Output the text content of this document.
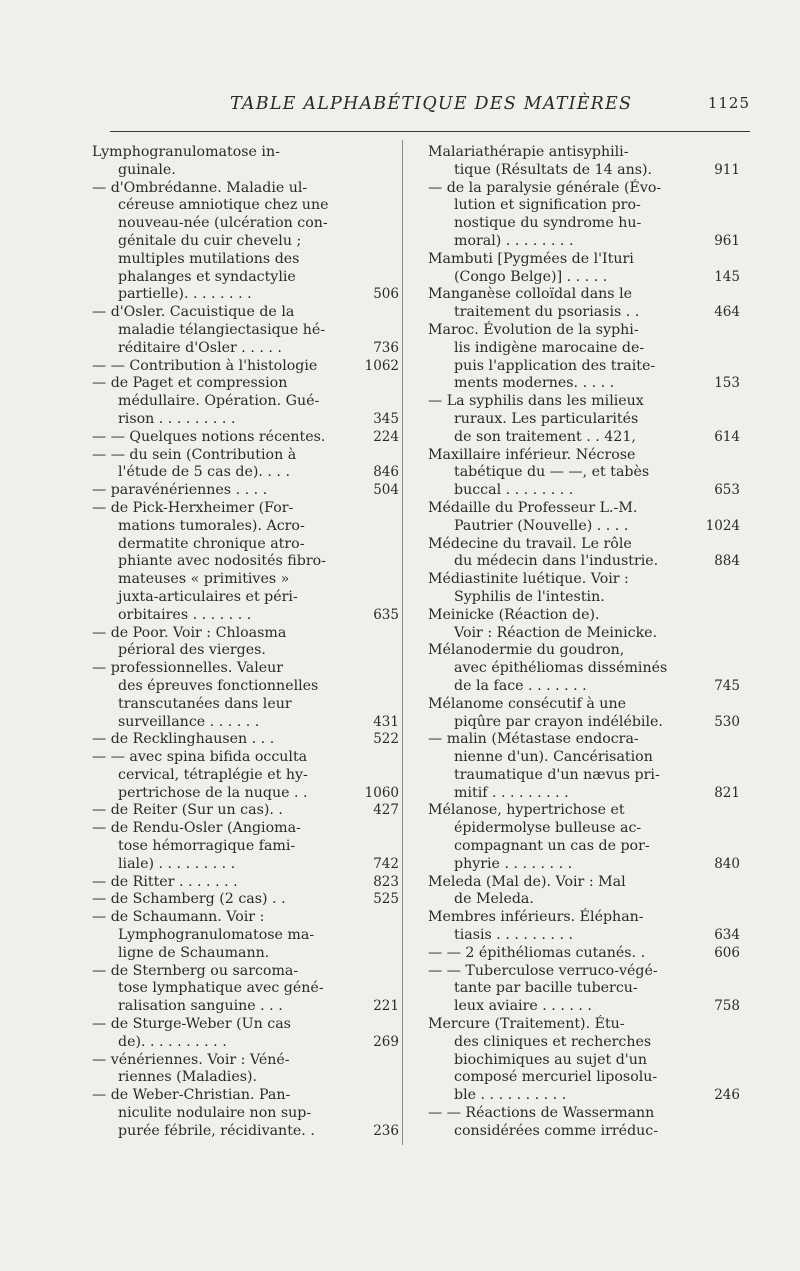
TABLE ALPHABÉTIQUE DES MATIÈRES	1125
Lymphogranulomatose in-
guinale.
— d'Ombrédanne. Maladie ul-
céreuse amniotique chez une
nouveau-née (ulcération con-
génitale du cuir chevelu ;
multiples mutilations des
phalanges et syndactylie
partielle). . . . . . . .	506
— d'Osler. Cacuistique de la
maladie télangiectasique hé-
réditaire d'Osler . . . . .	736
— — Contribution à l'histologie	1062
— de Paget et compression
médullaire. Opération. Gué-
rison . . . . . . . . .	345
— — Quelques notions récentes.	224
— — du sein (Contribution à
l'étude de 5 cas de). . . .	846
— paravénériennes . . . .	504
— de Pick-Herxheimer (For-
mations tumorales). Acro-
dermatite chronique atro-
phiante avec nodosités fibro-
mateuses « primitives »
juxta-articulaires et péri-
orbitaires . . . . . . .	635
— de Poor. Voir : Chloasma
périoral des vierges.
— professionnelles. Valeur
des épreuves fonctionnelles
transcutanées dans leur
surveillance . . . . . .	431
— de Recklinghausen . . .	522
— — avec spina bifida occulta
cervical, tétraplégie et hy-
pertrichose de la nuque . .	1060
— de Reiter (Sur un cas). .	427
— de Rendu-Osler (Angioma-
tose hémorragique fami-
liale) . . . . . . . . .	742
— de Ritter . . . . . . .	823
— de Schamberg (2 cas) . .	525
— de Schaumann. Voir :
Lymphogranulomatose ma-
ligne de Schaumann.
— de Sternberg ou sarcoma-
tose lymphatique avec géné-
ralisation sanguine . . .	221
— de Sturge-Weber (Un cas
de). . . . . . . . . .	269
— vénériennes. Voir : Véné-
riennes (Maladies).
— de Weber-Christian. Pan-
niculite nodulaire non sup-
purée fébrile, récidivante. .	236
Malariathérapie antisyphili-
tique (Résultats de 14 ans).	911
— de la paralysie générale (Évo-
lution et signification pro-
nostique du syndrome hu-
moral) . . . . . . . .	961
Mambuti [Pygmées de l'Ituri
(Congo Belge)] . . . . .	145
Manganèse colloïdal dans le
traitement du psoriasis . .	464
Maroc. Évolution de la syphi-
lis indigène marocaine de-
puis l'application des traite-
ments modernes. . . . .	153
— La syphilis dans les milieux
ruraux. Les particularités
de son traitement . . 421,	614
Maxillaire inférieur. Nécrose
tabétique du — —, et tabès
buccal . . . . . . . .	653
Médaille du Professeur L.-M.
Pautrier (Nouvelle) . . . .	1024
Médecine du travail. Le rôle
du médecin dans l'industrie.	884
Médiastinite luétique. Voir :
Syphilis de l'intestin.
Meinicke (Réaction de).
Voir : Réaction de Meinicke.
Mélanodermie du goudron,
avec épithéliomas disséminés
de la face . . . . . . .	745
Mélanome consécutif à une
piqûre par crayon indélébile.	530
— malin (Métastase endocra-
nienne d'un). Cancérisation
traumatique d'un nævus pri-
mitif . . . . . . . . .	821
Mélanose, hypertrichose et
épidermolyse bulleuse ac-
compagnant un cas de por-
phyrie . . . . . . . .	840
Meleda (Mal de). Voir : Mal
de Meleda.
Membres inférieurs. Éléphan-
tiasis . . . . . . . . .	634
— — 2 épithéliomas cutanés. .	606
— — Tuberculose verruco-végé-
tante par bacille tubercu-
leux aviaire . . . . . .	758
Mercure (Traitement). Étu-
des cliniques et recherches
biochimiques au sujet d'un
composé mercuriel liposolu-
ble . . . . . . . . . .	246
— — Réactions de Wassermann
considérées comme irréduc-
